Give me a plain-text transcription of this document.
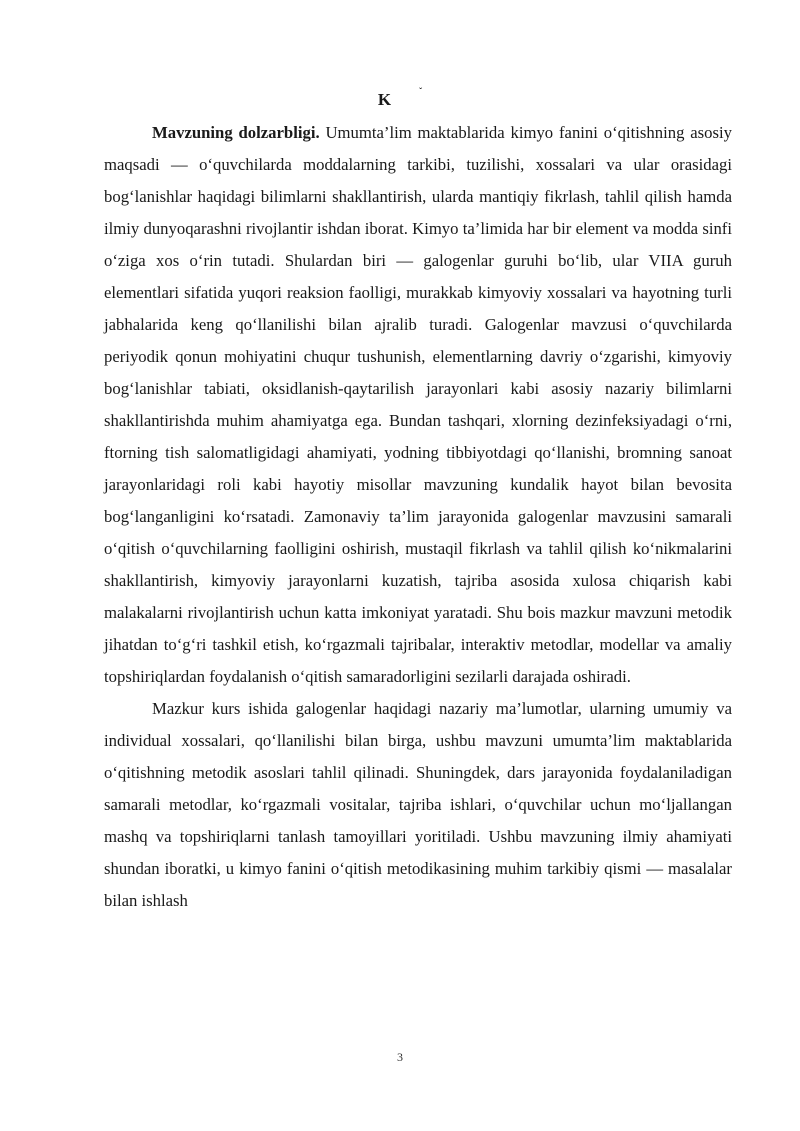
K	$^ˇ$

Mavzuning dolzarbligi. Umumta’lim maktablarida kimyo fanini o‘qitishning asosiy maqsadi — o‘quvchilarda moddalarning tarkibi, tuzilishi, xossalari va ular orasidagi bog‘lanishlar haqidagi bilimlarni shakllantirish, ularda mantiqiy fikrlash, tahlil qilish hamda ilmiy dunyoqarashni rivojlantir ishdan iborat. Kimyo ta’limida har bir element va modda sinfi o‘ziga xos o‘rin tutadi. Shulardan biri — galogenlar guruhi bo‘lib, ular VIIA guruh elementlari sifatida yuqori reaksion faolligi, murakkab kimyoviy xossalari va hayotning turli jabhalarida keng qo‘llanilishi bilan ajralib turadi. Galogenlar mavzusi o‘quvchilarda periyodik qonun mohiyatini chuqur tushunish, elementlarning davriy o‘zgarishi, kimyoviy bog‘lanishlar tabiati, oksidlanish-qaytarilish jarayonlari kabi asosiy nazariy bilimlarni shakllantirishda muhim ahamiyatga ega. Bundan tashqari, xlorning dezinfeksiyadagi o‘rni, ftorning tish salomatligidagi ahamiyati, yodning tibbiyotdagi qo‘llanishi, bromning sanoat jarayonlaridagi roli kabi hayotiy misollar mavzuning kundalik hayot bilan bevosita bog‘langanligini ko‘rsatadi. Zamonaviy ta’lim jarayonida galogenlar mavzusini samarali o‘qitish o‘quvchilarning faolligini oshirish, mustaqil fikrlash va tahlil qilish ko‘nikmalarini shakllantirish, kimyoviy jarayonlarni kuzatish, tajriba asosida xulosa chiqarish kabi malakalarni rivojlantirish uchun katta imkoniyat yaratadi. Shu bois mazkur mavzuni metodik jihatdan to‘g‘ri tashkil etish, ko‘rgazmali tajribalar, interaktiv metodlar, modellar va amaliy topshiriqlardan foydalanish o‘qitish samaradorligini sezilarli darajada oshiradi.

Mazkur kurs ishida galogenlar haqidagi nazariy ma’lumotlar, ularning umumiy va individual xossalari, qo‘llanilishi bilan birga, ushbu mavzuni umumta’lim maktablarida o‘qitishning metodik asoslari tahlil qilinadi. Shuningdek, dars jarayonida foydalaniladigan samarali metodlar, ko‘rgazmali vositalar, tajriba ishlari, o‘quvchilar uchun mo‘ljallangan mashq va topshiriqlarni tanlash tamoyillari yoritiladi. Ushbu mavzuning ilmiy ahamiyati shundan iboratki, u kimyo fanini o‘qitish metodikasining muhim tarkibiy qismi — masalalar bilan ishlash

3
